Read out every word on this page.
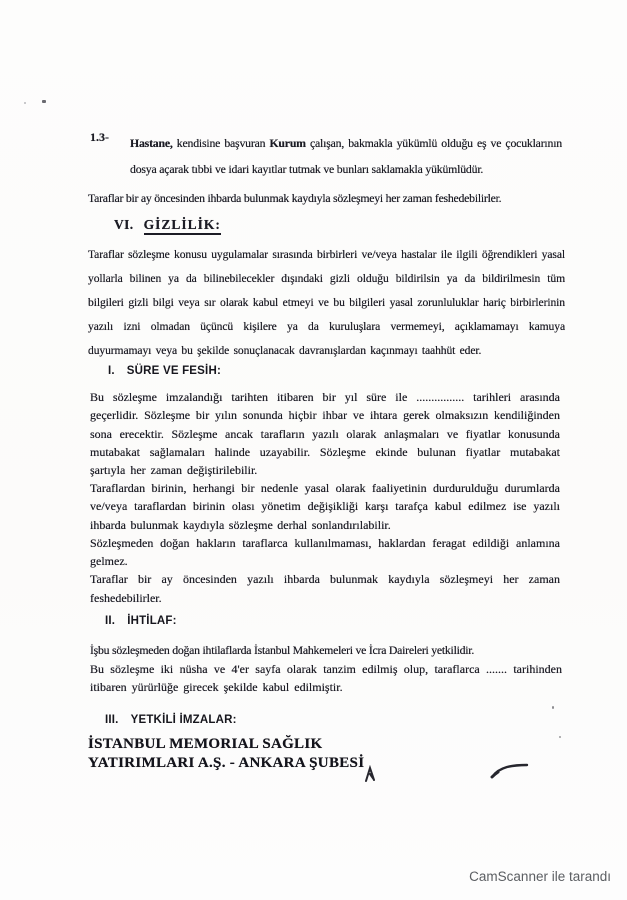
1.3-	Hastane, kendisine başvuran Kurum çalışan, bakmakla yükümlü olduğu eş ve çocuklarının dosya açarak tıbbi ve idari kayıtlar tutmak ve bunları saklamakla yükümlüdür.
Taraflar bir ay öncesinden ihbarda bulunmak kaydıyla sözleşmeyi her zaman feshedebilirler.
VI. GİZLİLİK:
Taraflar sözleşme konusu uygulamalar sırasında birbirleri ve/veya hastalar ile ilgili öğrendikleri yasal yollarla bilinen ya da bilinebilecekler dışındaki gizli olduğu bildirilsin ya da bildirilmesin tüm bilgileri gizli bilgi veya sır olarak kabul etmeyi ve bu bilgileri yasal zorunluluklar hariç birbirlerinin yazılı izni olmadan üçüncü kişilere ya da kuruluşlara vermemeyi, açıklamamayı kamuya duyurmamayı veya bu şekilde sonuçlanacak davranışlardan kaçınmayı taahhüt eder.
I. SÜRE VE FESİH:
Bu sözleşme imzalandığı tarihten itibaren bir yıl süre ile ................ tarihleri arasında geçerlidir. Sözleşme bir yılın sonunda hiçbir ihbar ve ihtara gerek olmaksızın kendiliğinden sona erecektir. Sözleşme ancak tarafların yazılı olarak anlaşmaları ve fiyatlar konusunda mutabakat sağlamaları halinde uzayabilir. Sözleşme ekinde bulunan fiyatlar mutabakat şartıyla her zaman değiştirilebilir.

Taraflardan birinin, herhangi bir nedenle yasal olarak faaliyetinin durdurulduğu durumlarda ve/veya taraflardan birinin olası yönetim değişikliği karşı tarafça kabul edilmez ise yazılı ihbarda bulunmak kaydıyla sözleşme derhal sonlandırılabilir.

Sözleşmeden doğan hakların taraflarca kullanılmaması, haklardan feragat edildiği anlamına gelmez.

Taraflar bir ay öncesinden yazılı ihbarda bulunmak kaydıyla sözleşmeyi her zaman feshedebilirler.

II. İHTİLAF:

İşbu sözleşmeden doğan ihtilaflarda İstanbul Mahkemeleri ve İcra Daireleri yetkilidir.

Bu sözleşme iki nüsha ve 4'er sayfa olarak tanzim edilmiş olup, taraflarca ....... tarihinden itibaren yürürlüğe girecek şekilde kabul edilmiştir.

III. YETKİLİ İMZALAR:
İSTANBUL MEMORIAL SAĞLIK
YATIRIMLARI A.Ş. - ANKARA ŞUBESİ
CamScanner ile tarandı
